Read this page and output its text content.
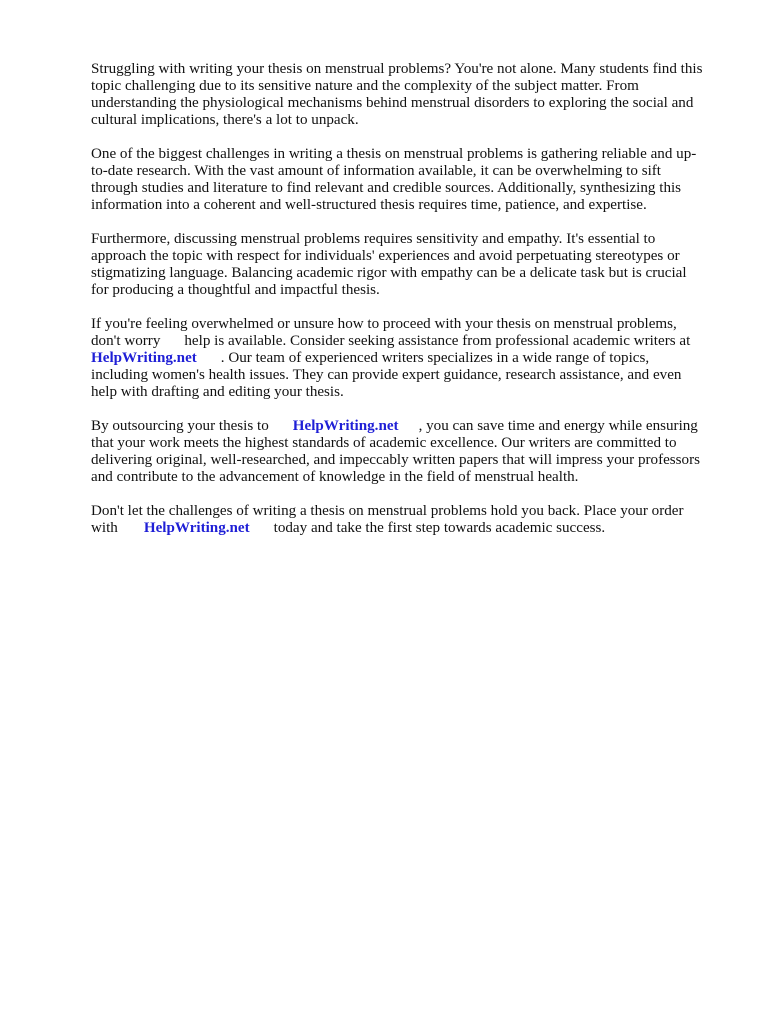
Struggling with writing your thesis on menstrual problems? You're not alone. Many students find this
topic challenging due to its sensitive nature and the complexity of the subject matter. From
understanding the physiological mechanisms behind menstrual disorders to exploring the social and
cultural implications, there's a lot to unpack.

One of the biggest challenges in writing a thesis on menstrual problems is gathering reliable and up-
to-date research. With the vast amount of information available, it can be overwhelming to sift
through studies and literature to find relevant and credible sources. Additionally, synthesizing this
information into a coherent and well-structured thesis requires time, patience, and expertise.

Furthermore, discussing menstrual problems requires sensitivity and empathy. It's essential to
approach the topic with respect for individuals' experiences and avoid perpetuating stereotypes or
stigmatizing language. Balancing academic rigor with empathy can be a delicate task but is crucial
for producing a thoughtful and impactful thesis.

If you're feeling overwhelmed or unsure how to proceed with your thesis on menstrual problems,
don't worry help is available. Consider seeking assistance from professional academic writers at
HelpWriting.net . Our team of experienced writers specializes in a wide range of topics,
including women's health issues. They can provide expert guidance, research assistance, and even
help with drafting and editing your thesis.

By outsourcing your thesis to HelpWriting.net , you can save time and energy while ensuring
that your work meets the highest standards of academic excellence. Our writers are committed to
delivering original, well-researched, and impeccably written papers that will impress your professors
and contribute to the advancement of knowledge in the field of menstrual health.

Don't let the challenges of writing a thesis on menstrual problems hold you back. Place your order
with HelpWriting.net today and take the first step towards academic success.
